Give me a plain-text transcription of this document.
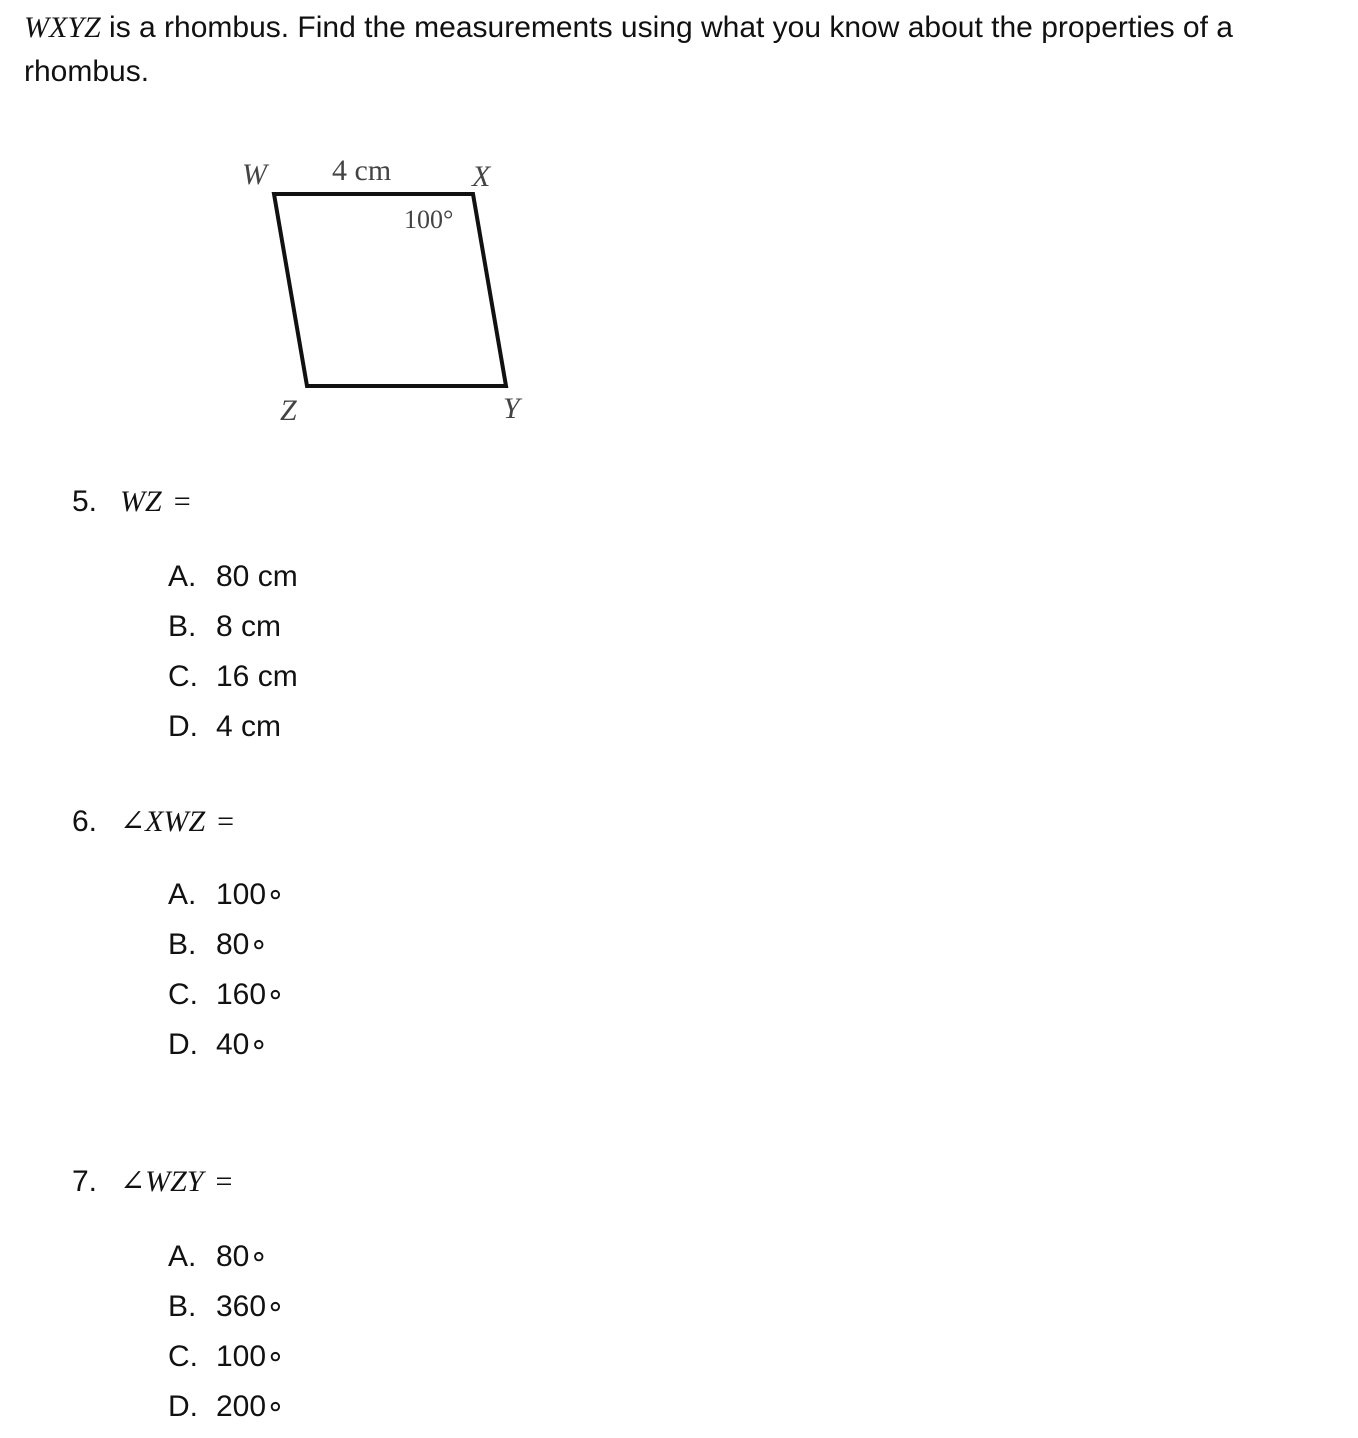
WXYZ is a rhombus. Find the measurements using what you know about the properties of a rhombus.

W	X
Y
Z
4 cm
100°
5. WZ =
A. 80 cm
B. 8 cm
C. 16 cm
D. 4 cm
6. ∠XWZ =
A. 100∘
B. 80∘
C. 160∘
D. 40∘
7. ∠WZY =
A. 80∘
B. 360∘
C. 100∘
D. 200∘
